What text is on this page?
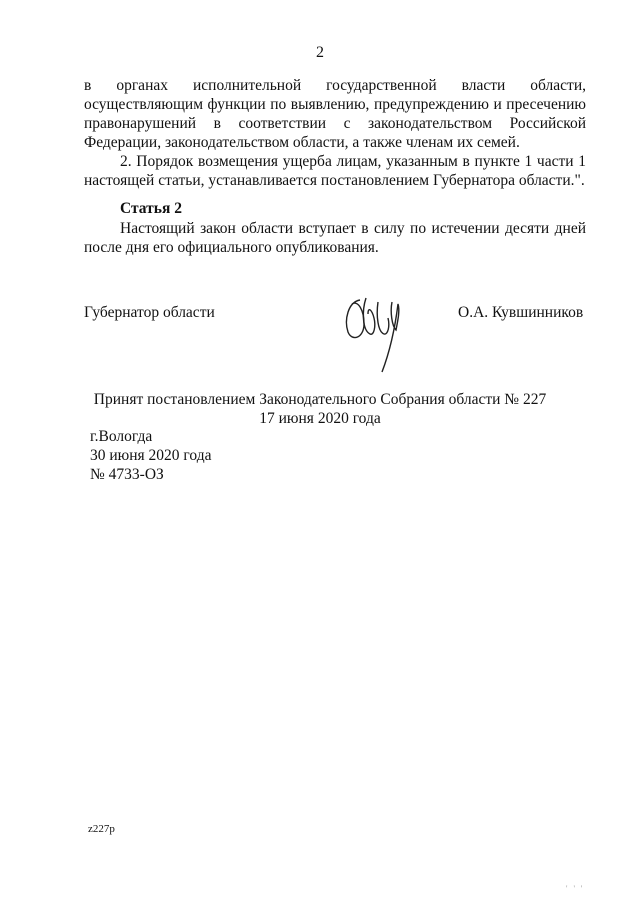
2
в органах исполнительной государственной власти области,
осуществляющим функции по выявлению, предупреждению и пресечению
правонарушений в соответствии с законодательством Российской
Федерации, законодательством области, а также членам их семей.
2. Порядок возмещения ущерба лицам, указанным в пункте 1 части 1
настоящей статьи, устанавливается постановлением Губернатора области.".
Статья 2
Настоящий закон области вступает в силу по истечении десяти дней
после дня его официального опубликования.
Губернатор области	О.А. Кувшинников
Принят постановлением Законодательного Собрания области № 227
17 июня 2020 года
г.Вологда
30 июня 2020 года
№ 4733-ОЗ
z227p
' ' '
